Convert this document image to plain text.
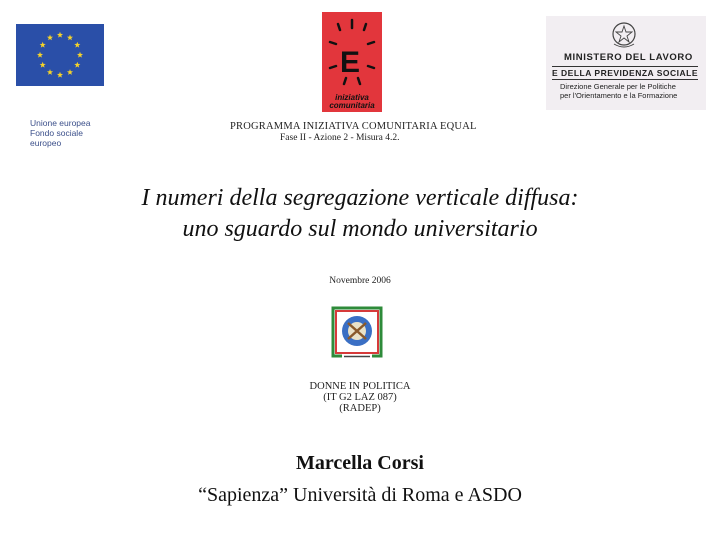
Unione europea
Fondo sociale europeo
E
iniziativa
comunitaria
MINISTERO DEL LAVORO
E DELLA PREVIDENZA SOCIALE
Direzione Generale per le Politiche
per l'Orientamento e la Formazione
PROGRAMMA INIZIATIVA COMUNITARIA EQUAL
Fase II - Azione 2 - Misura 4.2.
I numeri della segregazione verticale diffusa:
uno sguardo sul mondo universitario
Novembre 2006
DONNE IN POLITICA
(IT G2 LAZ 087)
(RADEP)
Marcella Corsi
“Sapienza” Università di Roma e ASDO
